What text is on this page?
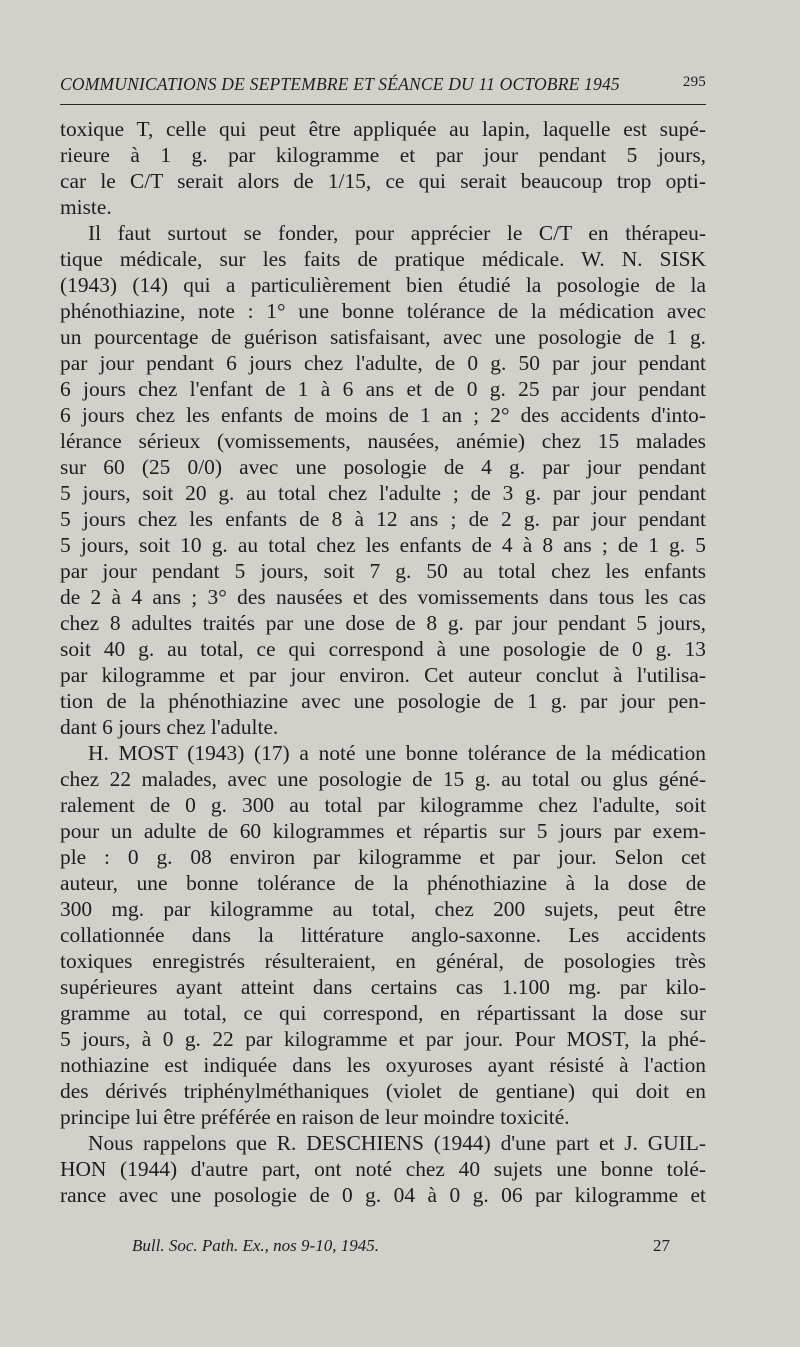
COMMUNICATIONS DE SEPTEMBRE ET SÉANCE DU 11 OCTOBRE 1945	295
toxique T, celle qui peut être appliquée au lapin, laquelle est supé-
rieure à 1 g. par kilogramme et par jour pendant 5 jours,
car le C/T serait alors de 1/15, ce qui serait beaucoup trop opti-
miste.
Il faut surtout se fonder, pour apprécier le C/T en thérapeu-
tique médicale, sur les faits de pratique médicale. W. N. SISK
(1943) (14) qui a particulièrement bien étudié la posologie de la
phénothiazine, note : 1° une bonne tolérance de la médication avec
un pourcentage de guérison satisfaisant, avec une posologie de 1 g.
par jour pendant 6 jours chez l'adulte, de 0 g. 50 par jour pendant
6 jours chez l'enfant de 1 à 6 ans et de 0 g. 25 par jour pendant
6 jours chez les enfants de moins de 1 an ; 2° des accidents d'into-
lérance sérieux (vomissements, nausées, anémie) chez 15 malades
sur 60 (25 0/0) avec une posologie de 4 g. par jour pendant
5 jours, soit 20 g. au total chez l'adulte ; de 3 g. par jour pendant
5 jours chez les enfants de 8 à 12 ans ; de 2 g. par jour pendant
5 jours, soit 10 g. au total chez les enfants de 4 à 8 ans ; de 1 g. 5
par jour pendant 5 jours, soit 7 g. 50 au total chez les enfants
de 2 à 4 ans ; 3° des nausées et des vomissements dans tous les cas
chez 8 adultes traités par une dose de 8 g. par jour pendant 5 jours,
soit 40 g. au total, ce qui correspond à une posologie de 0 g. 13
par kilogramme et par jour environ. Cet auteur conclut à l'utilisa-
tion de la phénothiazine avec une posologie de 1 g. par jour pen-
dant 6 jours chez l'adulte.
H. MOST (1943) (17) a noté une bonne tolérance de la médication
chez 22 malades, avec une posologie de 15 g. au total ou glus géné-
ralement de 0 g. 300 au total par kilogramme chez l'adulte, soit
pour un adulte de 60 kilogrammes et répartis sur 5 jours par exem-
ple : 0 g. 08 environ par kilogramme et par jour. Selon cet
auteur, une bonne tolérance de la phénothiazine à la dose de
300 mg. par kilogramme au total, chez 200 sujets, peut être
collationnée dans la littérature anglo-saxonne. Les accidents
toxiques enregistrés résulteraient, en général, de posologies très
supérieures ayant atteint dans certains cas 1.100 mg. par kilo-
gramme au total, ce qui correspond, en répartissant la dose sur
5 jours, à 0 g. 22 par kilogramme et par jour. Pour MOST, la phé-
nothiazine est indiquée dans les oxyuroses ayant résisté à l'action
des dérivés triphénylméthaniques (violet de gentiane) qui doit en
principe lui être préférée en raison de leur moindre toxicité.
Nous rappelons que R. DESCHIENS (1944) d'une part et J. GUIL-
HON (1944) d'autre part, ont noté chez 40 sujets une bonne tolé-
rance avec une posologie de 0 g. 04 à 0 g. 06 par kilogramme et
Bull. Soc. Path. Ex., nos 9-10, 1945.	27
